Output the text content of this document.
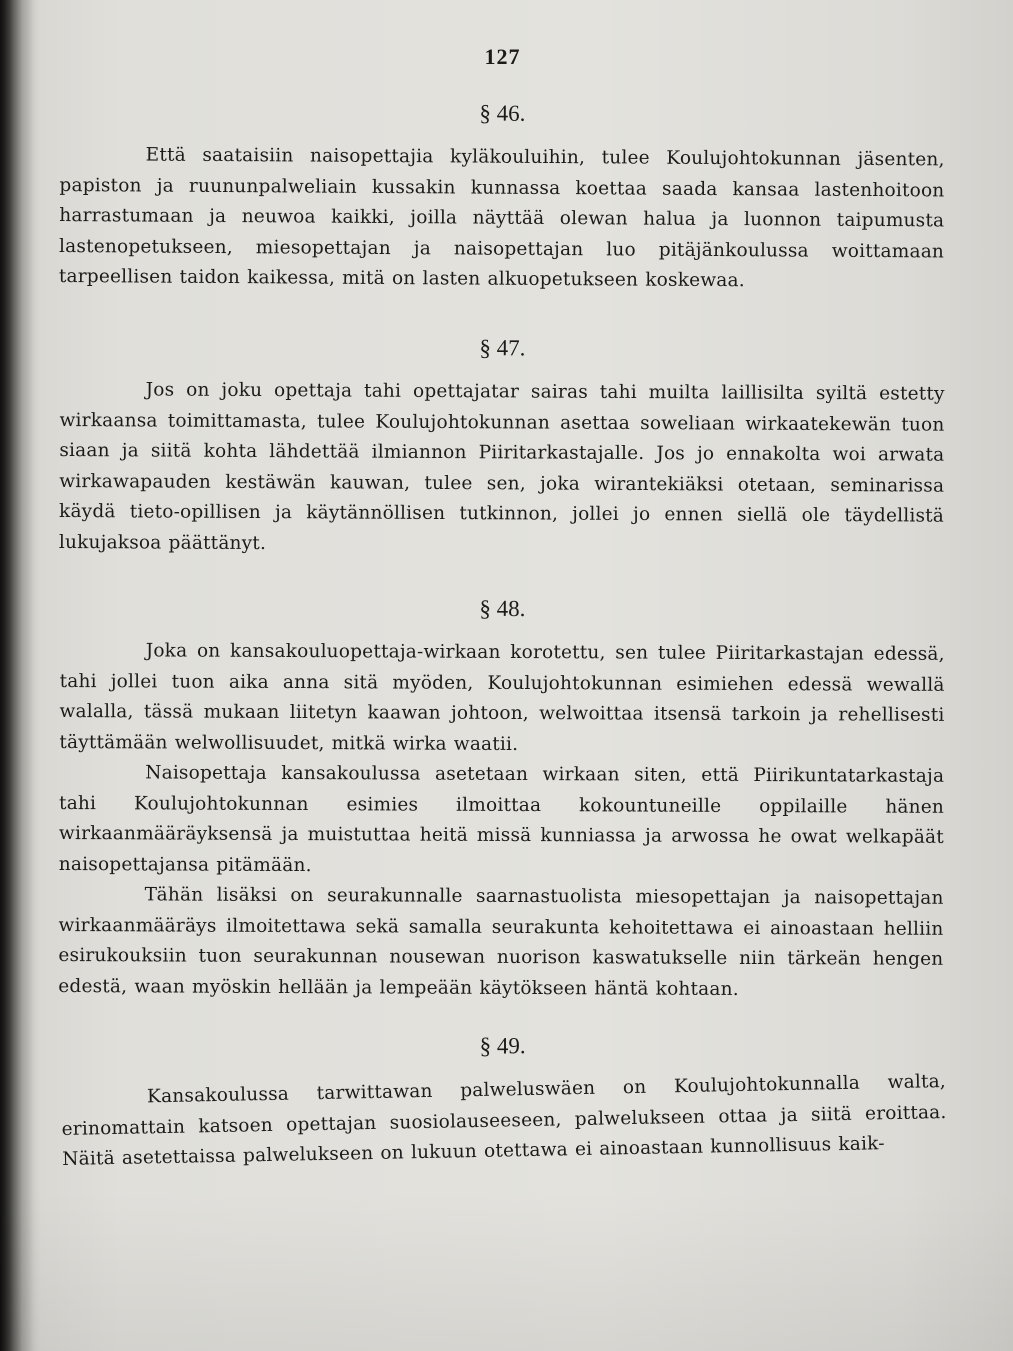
127
§ 46.

Että saataisiin naisopettajia kyläkouluihin, tulee Koulujohtokunnan jäsenten, papiston ja ruununpalweliain kussakin kunnassa koettaa saada kansaa lastenhoitoon harrastumaan ja neuwoa kaikki, joilla näyttää olewan halua ja luonnon taipumusta lastenopetukseen, miesopettajan ja naisopettajan luo pitäjänkoulussa woittamaan tarpeellisen taidon kaikessa, mitä on lasten alkuopetukseen koskewaa.

§ 47.

Jos on joku opettaja tahi opettajatar sairas tahi muilta laillisilta syiltä estetty wirkaansa toimittamasta, tulee Koulujohtokunnan asettaa soweliaan wirkaatekewän tuon siaan ja siitä kohta lähdettää ilmiannon Piiritarkastajalle. Jos jo ennakolta woi arwata wirkawapauden kestäwän kauwan, tulee sen, joka wirantekiäksi otetaan, seminarissa käydä tieto-opillisen ja käytännöllisen tutkinnon, jollei jo ennen siellä ole täydellistä lukujaksoa päättänyt.

§ 48.

Joka on kansakouluopettaja-wirkaan korotettu, sen tulee Piiritarkastajan edessä, tahi jollei tuon aika anna sitä myöden, Koulujohtokunnan esimiehen edessä wewallä walalla, tässä mukaan liitetyn kaawan johtoon, welwoittaa itsensä tarkoin ja rehellisesti täyttämään welwollisuudet, mitkä wirka waatii.

Naisopettaja kansakoulussa asetetaan wirkaan siten, että Piirikuntatarkastaja tahi Koulujohtokunnan esimies ilmoittaa kokountuneille oppilaille hänen wirkaanmääräyksensä ja muistuttaa heitä missä kunniassa ja arwossa he owat welkapäät naisopettajansa pitämään.

Tähän lisäksi on seurakunnalle saarnastuolista miesopettajan ja naisopettajan wirkaanmääräys ilmoitettawa sekä samalla seurakunta kehoitettawa ei ainoastaan helliin esirukouksiin tuon seurakunnan nousewan nuorison kaswatukselle niin tärkeän hengen edestä, waan myöskin hellään ja lempeään käytökseen häntä kohtaan.

§ 49.

Kansakoulussa tarwittawan palweluswäen on Koulujohtokunnalla walta, erinomattain katsoen opettajan suosiolauseeseen, palwelukseen ottaa ja siitä eroittaa. Näitä asetettaissa palwelukseen on lukuun otettawa ei ainoastaan kunnollisuus kaik-
